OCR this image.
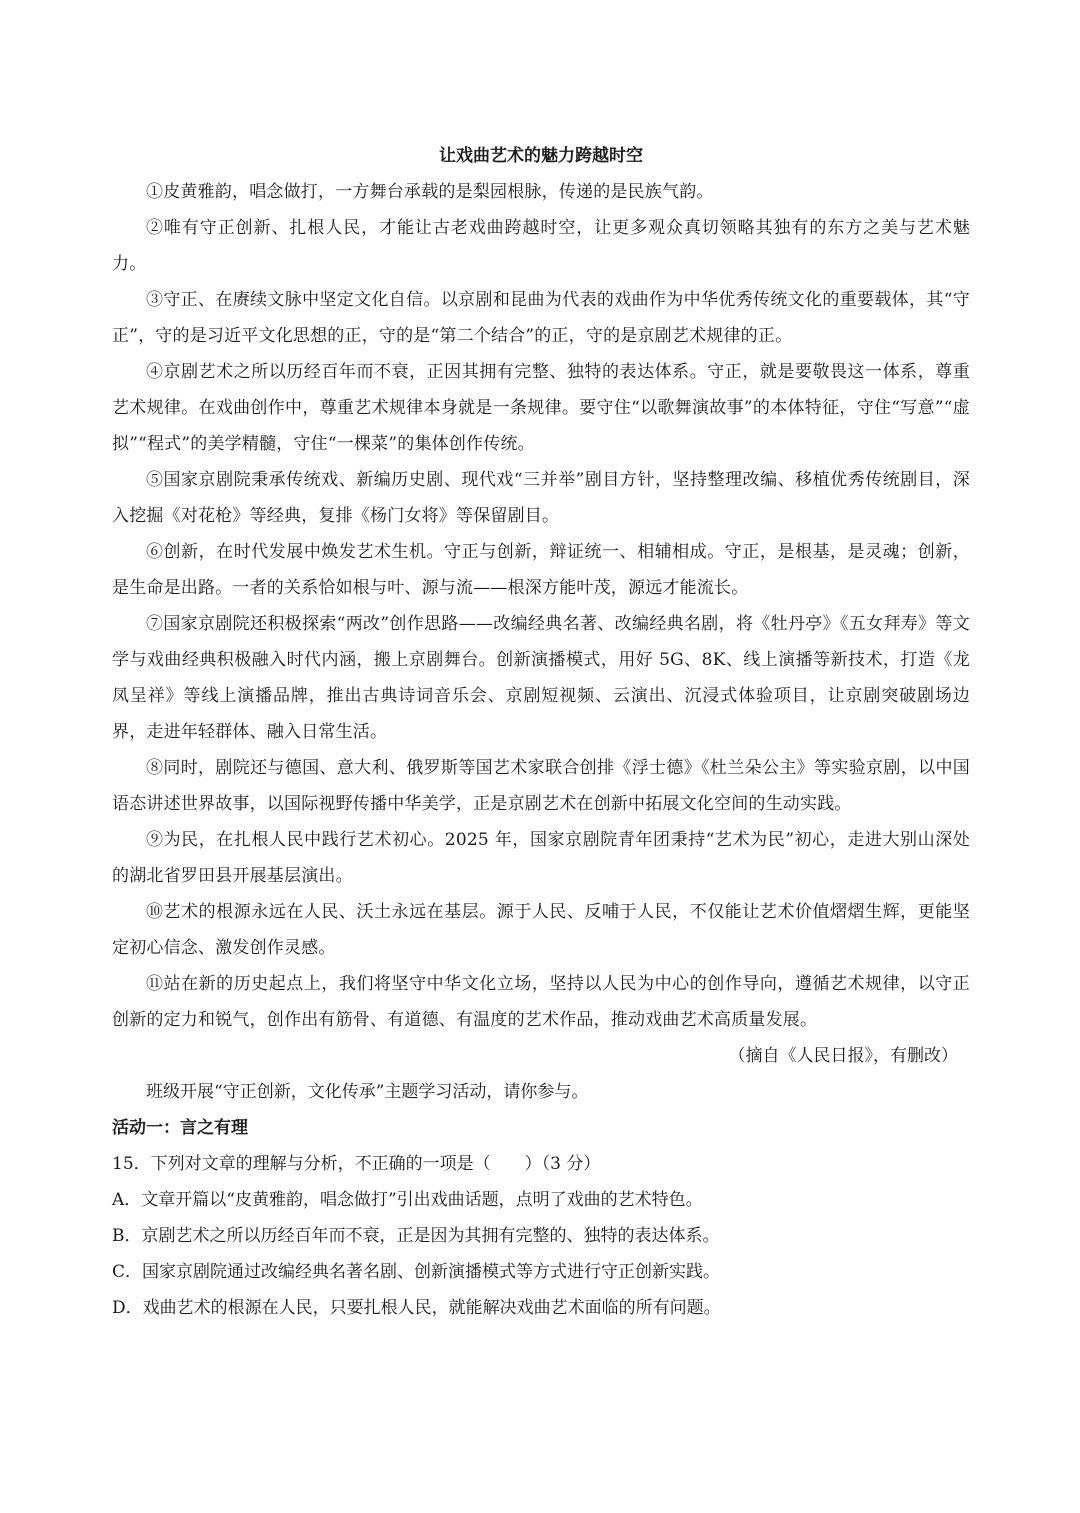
让戏曲艺术的魅力跨越时空

①皮黄雅韵，唱念做打，一方舞台承载的是梨园根脉，传递的是民族气韵。

②唯有守正创新、扎根人民，才能让古老戏曲跨越时空，让更多观众真切领略其独有的东方之美与艺术魅力。

③守正、在赓续文脉中坚定文化自信。以京剧和昆曲为代表的戏曲作为中华优秀传统文化的重要载体，其“守正”，守的是习近平文化思想的正，守的是“第二个结合”的正，守的是京剧艺术规律的正。

④京剧艺术之所以历经百年而不衰，正因其拥有完整、独特的表达体系。守正，就是要敬畏这一体系，尊重艺术规律。在戏曲创作中，尊重艺术规律本身就是一条规律。要守住“以歌舞演故事”的本体特征，守住“写意”“虚拟”“程式”的美学精髓，守住“一棵菜”的集体创作传统。

⑤国家京剧院秉承传统戏、新编历史剧、现代戏“三并举”剧目方针，坚持整理改编、移植优秀传统剧目，深入挖掘《对花枪》等经典，复排《杨门女将》等保留剧目。

⑥创新，在时代发展中焕发艺术生机。守正与创新，辩证统一、相辅相成。守正，是根基，是灵魂；创新，是生命是出路。一者的关系恰如根与叶、源与流——根深方能叶茂，源远才能流长。

⑦国家京剧院还积极探索“两改”创作思路——改编经典名著、改编经典名剧，将《牡丹亭》《五女拜寿》等文学与戏曲经典积极融入时代内涵，搬上京剧舞台。创新演播模式，用好 5G、8K、线上演播等新技术，打造《龙凤呈祥》等线上演播品牌，推出古典诗词音乐会、京剧短视频、云演出、沉浸式体验项目，让京剧突破剧场边界，走进年轻群体、融入日常生活。

⑧同时，剧院还与德国、意大利、俄罗斯等国艺术家联合创排《浮士德》《杜兰朵公主》等实验京剧，以中国语态讲述世界故事，以国际视野传播中华美学，正是京剧艺术在创新中拓展文化空间的生动实践。

⑨为民，在扎根人民中践行艺术初心。2025 年，国家京剧院青年团秉持“艺术为民”初心，走进大别山深处的湖北省罗田县开展基层演出。

⑩艺术的根源永远在人民、沃土永远在基层。源于人民、反哺于人民，不仅能让艺术价值熠熠生辉，更能坚定初心信念、激发创作灵感。

⑪站在新的历史起点上，我们将坚守中华文化立场，坚持以人民为中心的创作导向，遵循艺术规律，以守正创新的定力和锐气，创作出有筋骨、有道德、有温度的艺术作品，推动戏曲艺术高质量发展。

（摘自《人民日报》，有删改）

班级开展“守正创新，文化传承”主题学习活动，请你参与。

活动一：言之有理

15．下列对文章的理解与分析，不正确的一项是（　　）（3 分）

A．文章开篇以“皮黄雅韵，唱念做打”引出戏曲话题，点明了戏曲的艺术特色。

B．京剧艺术之所以历经百年而不衰，正是因为其拥有完整的、独特的表达体系。

C．国家京剧院通过改编经典名著名剧、创新演播模式等方式进行守正创新实践。

D．戏曲艺术的根源在人民，只要扎根人民，就能解决戏曲艺术面临的所有问题。
